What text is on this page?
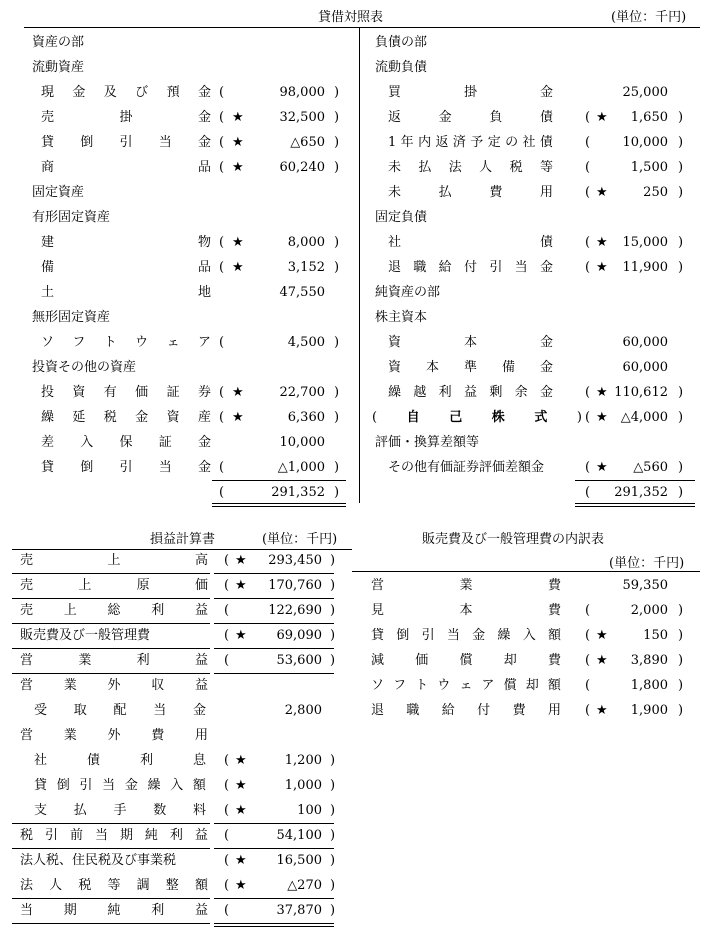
貸借対照表	(単位：千円)
資産の部
流動資産
現 金 及 び 預 金 (	98,000 )
売	掛	金 ( ★	32,500 )
貸 倒 引 当 金 ( ★	△650 )
商	品 ( ★	60,240 )
固定資産
有形固定資産
建	物 ( ★	8,000 )
備	品 ( ★	3,152 )
土	地	47,550
無形固定資産
ソ フ ト ウ ェ ア (	4,500 )
投資その他の資産
投 資 有 価 証 券 ( ★	22,700 )
繰 延 税 金 資 産 ( ★	6,360 )
差 入 保 証 金	10,000
貸 倒 引 当 金 (	△1,000 )
(	291,352 )
負債の部
流動負債
買	掛	金	25,000
返	金	負	債 ( ★ 1,650 )
1 年 内 返 済 予 定 の 社 債 ( 10,000 )
未 払 法 人 税 等 (	1,500 )
未	払	費	用 ( ★	250 )
固定負債
社	債 ( ★ 15,000 )
退 職 給 付 引 当 金 ( ★ 11,900 )
純資産の部
株主資本
資	本	金	60,000
資 本 準 備 金	60,000
繰 越 利 益 剰 余 金 ( ★ 110,612 )
( 自 己 株 式 ) ( ★ △4,000 )
評価・換算差額等
その他有価証券評価差額金	( ★ △560 )
( 291,352 )
損益計算書	(単位：千円)
売	上	高 ( ★ 293,450 )
売	上	原	価 ( ★ 170,760 )
売 上 総 利 益 (	122,690 )
販売費及び一般管理費	( ★ 69,090 )
営	業	利	益 (	53,600 )
営 業 外 収 益
受 取 配 当 金	2,800
営 業 外 費 用
社	債	利	息 ( ★	1,200 )
貸 倒 引 当 金 繰 入 額 ( ★	1,000 )
支 払 手 数 料 ( ★	100 )
税 引 前 当 期 純 利 益 (	54,100 )
法人税、住民税及び事業税	( ★ 16,500 )
法 人 税 等 調 整 額 ( ★	△270 )
当 期 純 利 益 (	37,870 )
販売費及び一般管理費の内訳表
(単位：千円)
営	業	費	59,350
見	本	費 (	2,000 )
貸 倒 引 当 金 繰 入 額 ( ★	150 )
減 価 償 却 費 ( ★ 3,890 )
ソ フ ト ウ ェ ア 償 却 額 (	1,800 )
退 職 給 付 費 用 ( ★ 1,900 )
